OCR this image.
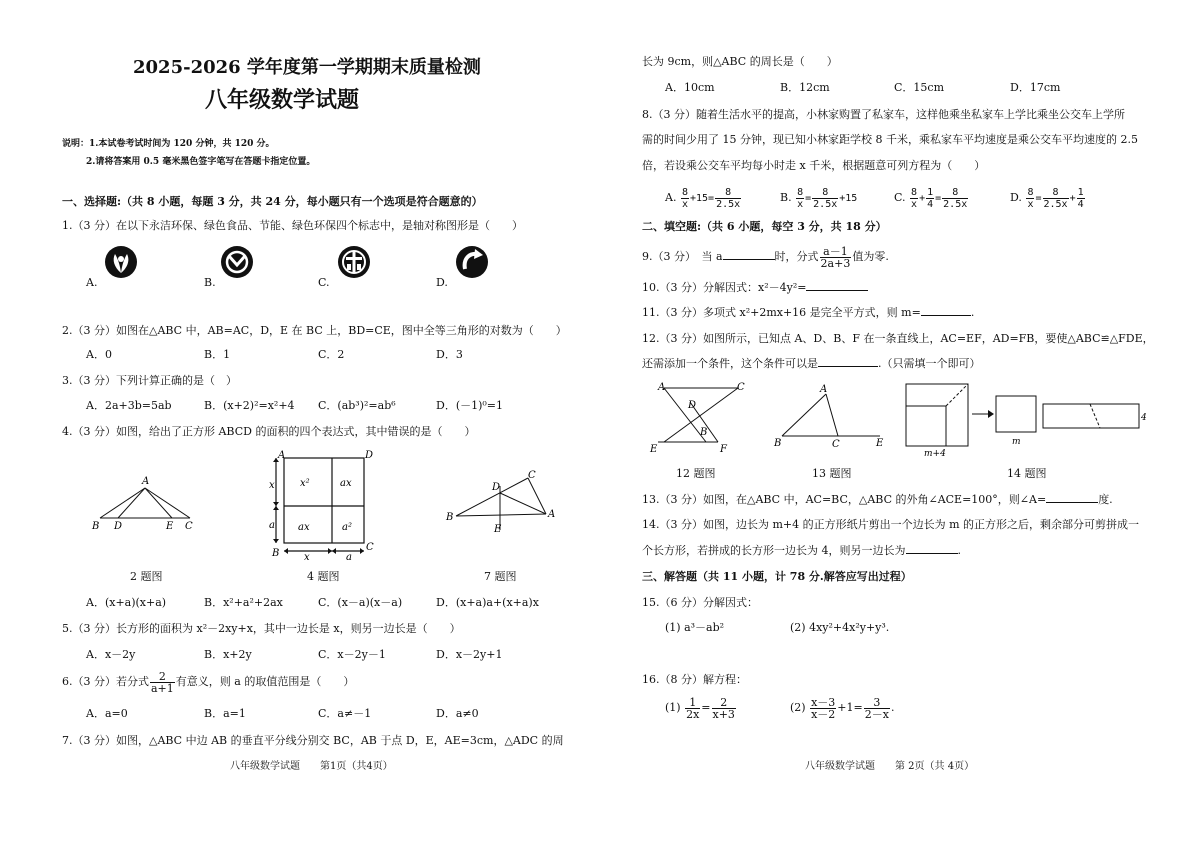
2025-2026 学年度第一学期期末质量检测
八年级数学试题
说明：1.本试卷考试时间为 120 分钟，共 120 分。
2.请将答案用 0.5 毫米黑色签字笔写在答题卡指定位置。
一、选择题:（共 8 小题，每题 3 分，共 24 分，每小题只有一个选项是符合题意的）
1.（3 分）在以下永洁环保、绿色食品、节能、绿色环保四个标志中，是轴对称图形是（　　）
A.	B.	C.	D.
2.（3 分）如图在△ABC 中，AB=AC，D，E 在 BC 上，BD=CE，图中全等三角形的对数为（　　）
A．0	B．1	C．2	D．3
3.（3 分）下列计算正确的是（　）
A．2a+3b=5ab	B．(x+2)²=x²+4 C．(ab³)²=ab⁶	D．(－1)⁰=1
4.（3 分）如图，给出了正方形 ABCD 的面积的四个表达式，其中错误的是（　　）
A
B D	E C
A	D
B
C
x
a
x	a
x²	ax
ax	a²
C
D
B	A
E
2 题图	4 题图	7 题图
A．(x+a)(x+a)	B．x²+a²+2ax	C．(x－a)(x－a)	D．(x+a)a+(x+a)x
5.（3 分）长方形的面积为 x²－2xy+x，其中一边长是 x，则另一边长是（　　）
A．x－2y	B．x+2y	C．x－2y－1	D．x－2y+1
6.（3 分）若分式 $\frac{2}{a+1}$ 有意义，则 a 的取值范围是（　　）
A．a=0	B．a=1	C．a≠－1	D．a≠0
7.（3 分）如图，△ABC 中边 AB 的垂直平分线分别交 BC，AB 于点 D，E，AE=3cm，△ADC 的周
八年级数学试题　　第1页（共4页）
长为 9cm，则△ABC 的周长是（　　）
A．10cm	B．12cm	C．15cm	D．17cm
8.（3 分）随着生活水平的提高，小林家购置了私家车，这样他乘坐私家车上学比乘坐公交车上学所
需的时间少用了 15 分钟，现已知小林家距学校 8 千米，乘私家车平均速度是乘公交车平均速度的 2.5
倍，若设乘公交车平均每小时走 x 千米，根据题意可列方程为（　　）
A. $\frac{8}{x} +15= \frac{8}{2.5x}$	B. $\frac{8}{x} = \frac{8}{2.5x} +15$	C. $\frac{8}{x} + \frac{1}{4} = \frac{8}{2.5x}$	D. $\frac{8}{x} = \frac{8}{2.5x} + \frac{1}{4}$
二、填空题:（共 6 小题，每空 3 分，共 18 分）
9.（3 分）　当 a	时，分式 $\frac{a-1}{2a+3}$ 值为零.
10.（3 分）分解因式：x²－4y²=
11.（3 分）多项式 x²+2mx+16 是完全平方式，则 m=	.
12.（3 分）如图所示，已知点 A、D、B、F 在一条直线上，AC=EF，AD=FB，要使△ABC≌△FDE，
还需添加一个条件，这个条件可以是	.（只需填一个即可）
A	C
D
B
E	F
A
B	C	E
m+4
m
4
12 题图	13 题图	14 题图
13.（3 分）如图，在△ABC 中，AC=BC，△ABC 的外角∠ACE=100°，则∠A=	度.
14.（3 分）如图，边长为 m+4 的正方形纸片剪出一个边长为 m 的正方形之后，剩余部分可剪拼成一
个长方形，若拼成的长方形一边长为 4，则另一边长为	.
三、解答题（共 11 小题，计 78 分.解答应写出过程）
15.（6 分）分解因式：
(1) a³－ab²	(2) 4xy²+4x²y+y³.
16.（8 分）解方程：
$(1) \frac{1}{2x} = \frac{2}{x+3}$	$(2) \frac{x-3}{x-2} +1= \frac{3}{2-x}$ .
八年级数学试题　　第 2页（共 4页）
